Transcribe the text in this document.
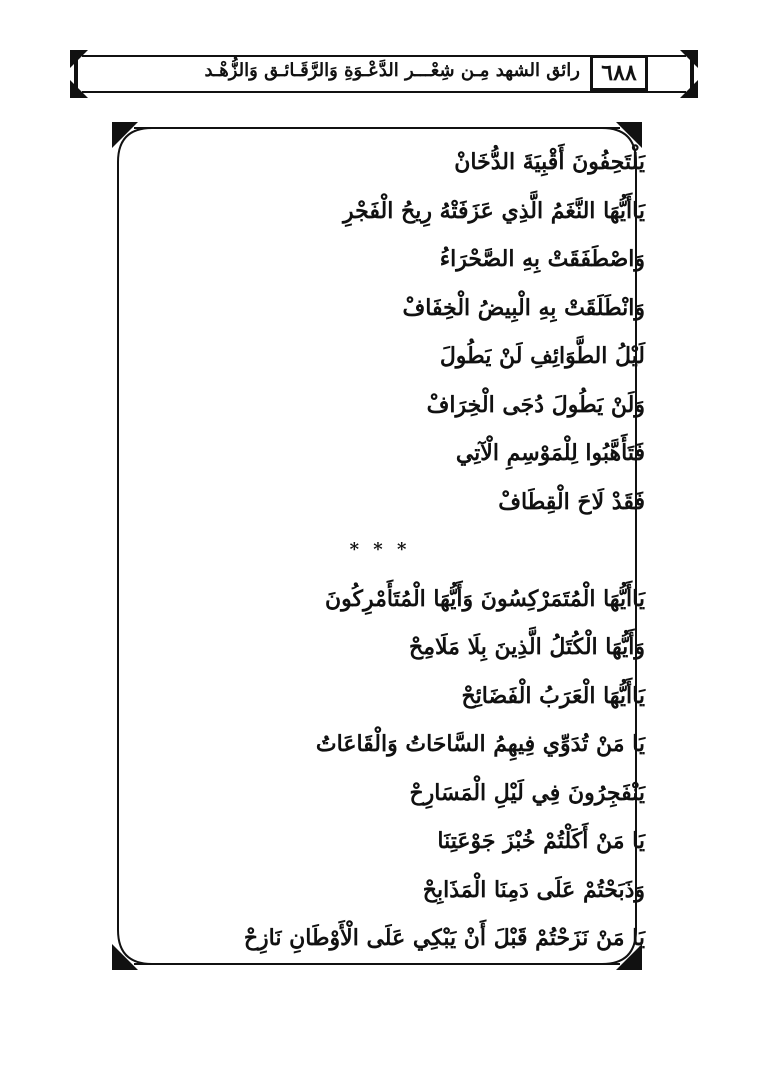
٦٨٨
رائق الشهد مِـن شِعْـــر الدَّعْـوَةِ وَالرَّقَـائـق وَالزُّهْـد
يَلْتَحِفُونَ أَقْبِيَةَ الدُّخَانْ
يَاأَيُّهَا النَّغَمُ الَّذِي عَزَفَتْهُ رِيحُ الْفَجْرِ
وَاصْطَفَقَتْ بِهِ الصَّحْرَاءُ
وَانْطَلَقَتْ بِهِ الْبِيضُ الْخِفَافْ
لَيْلُ الطَّوَائِفِ لَنْ يَطُولَ
وَلَنْ يَطُولَ دُجَى الْخِرَافْ
فَتَأَهَّبُوا لِلْمَوْسِمِ الْآتِي
فَقَدْ لَاحَ الْقِطَافْ
* * *
يَاأَيُّهَا الْمُتَمَرْكِسُونَ وَأَيُّهَا الْمُتَأَمْرِكُونَ
وَأَيُّهَا الْكُتَلُ الَّذِينَ بِلَا مَلَامِحْ
يَاأَيُّهَا الْعَرَبُ الْفَضَائِحْ
يَا مَنْ تُدَوِّي فِيهِمُ السَّاحَاتُ وَالْقَاعَاتُ
يَنْفَجِرُونَ فِي لَيْلِ الْمَسَارِحْ
يَا مَنْ أَكَلْتُمْ خُبْزَ جَوْعَتِنَا
وَذَبَحْتُمْ عَلَى دَمِنَا الْمَذَابِحْ
يَا مَنْ نَزَحْتُمْ قَبْلَ أَنْ يَبْكِي عَلَى الْأَوْطَانِ نَازِحْ
